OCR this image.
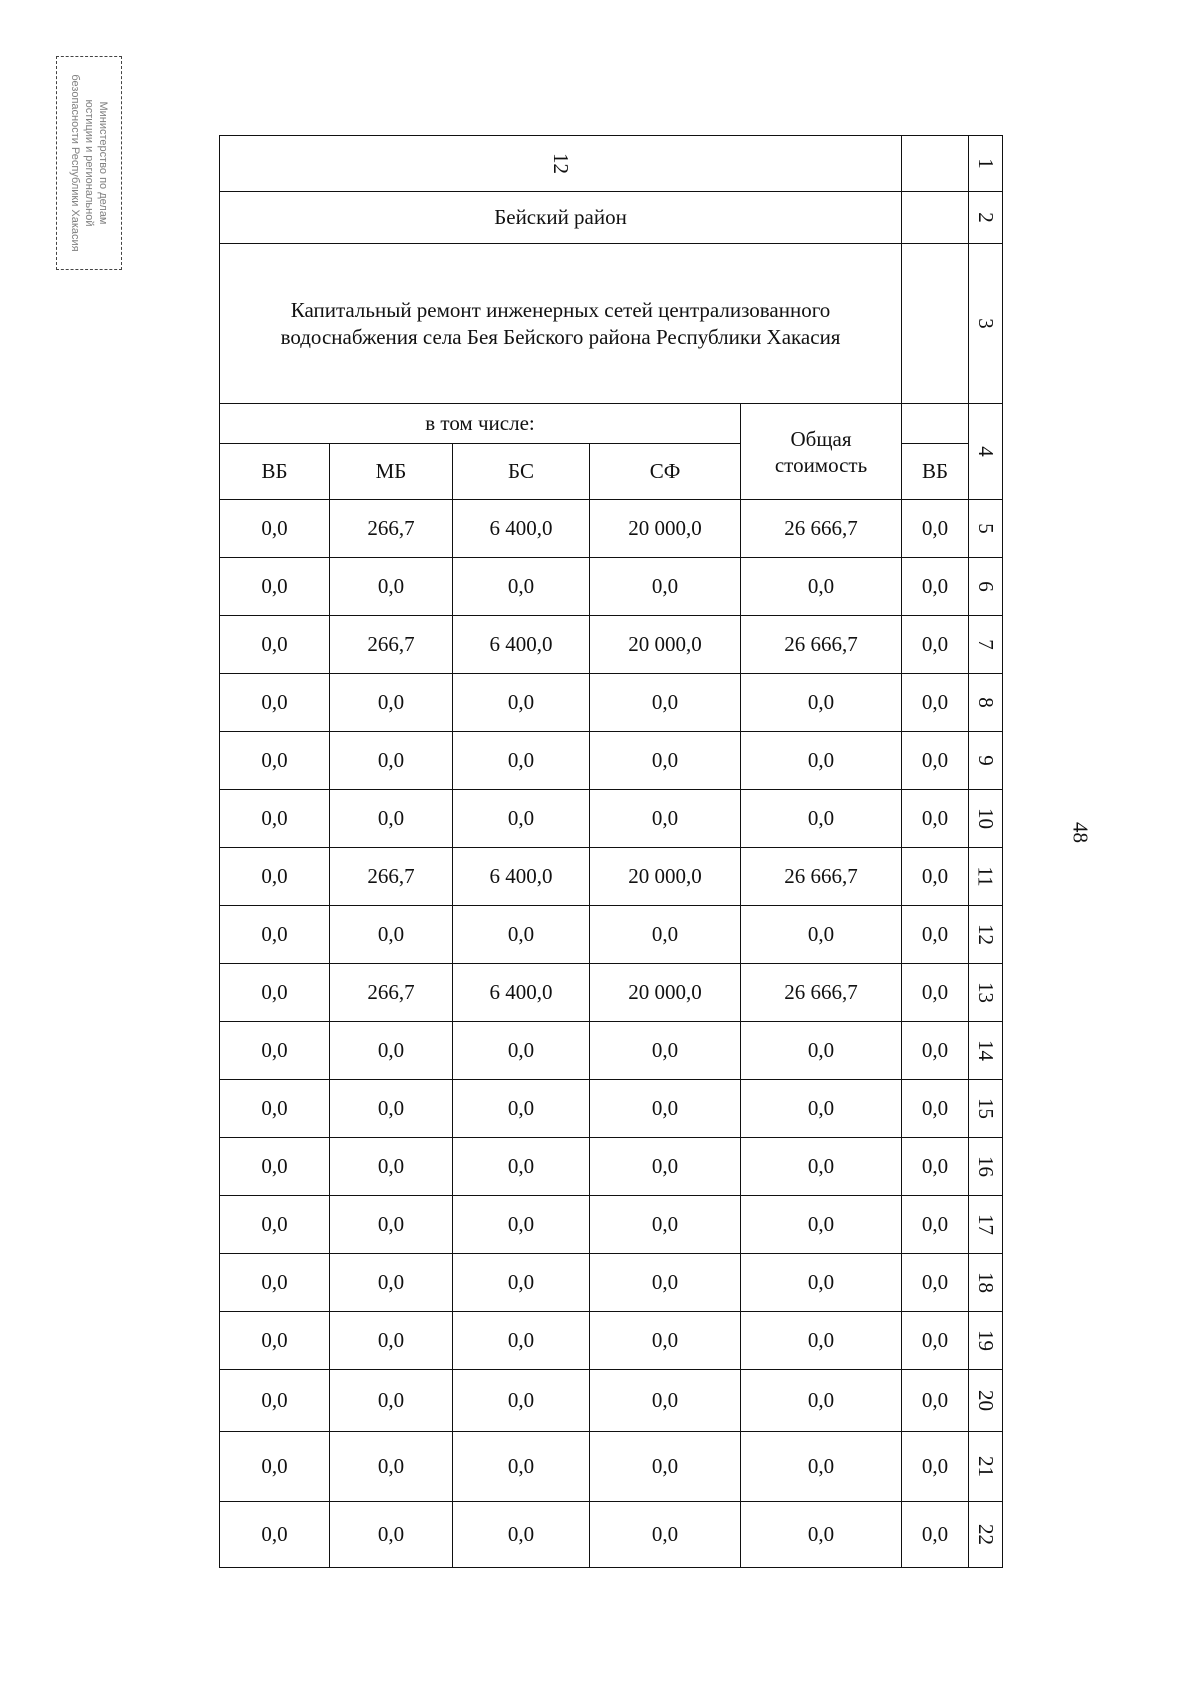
Министерство по делам
юстиции и региональной
безопасности Республики Хакасия
48
12						1
Бейский район						2

Капитальный ремонт инженерных сетей централизованного водоснабжения села Бея Бейского района Республики Хакасия						3
в том числе:				Общая стоимость		4
ВБ	МБ	БС	СФ		ВБ	
0,0	266,7	6 400,0	20 000,0	26 666,7	0,0	5
0,0	0,0	0,0	0,0	0,0	0,0	6
0,0	266,7	6 400,0	20 000,0	26 666,7	0,0	7
0,0	0,0	0,0	0,0	0,0	0,0	8
0,0	0,0	0,0	0,0	0,0	0,0	9
0,0	0,0	0,0	0,0	0,0	0,0	10
0,0	266,7	6 400,0	20 000,0	26 666,7	0,0	11
0,0	0,0	0,0	0,0	0,0	0,0	12
0,0	266,7	6 400,0	20 000,0	26 666,7	0,0	13
0,0	0,0	0,0	0,0	0,0	0,0	14
0,0	0,0	0,0	0,0	0,0	0,0	15
0,0	0,0	0,0	0,0	0,0	0,0	16
0,0	0,0	0,0	0,0	0,0	0,0	17
0,0	0,0	0,0	0,0	0,0	0,0	18
0,0	0,0	0,0	0,0	0,0	0,0	19
0,0	0,0	0,0	0,0	0,0	0,0	20
0,0	0,0	0,0	0,0	0,0	0,0	21
0,0	0,0	0,0	0,0	0,0	0,0	22
